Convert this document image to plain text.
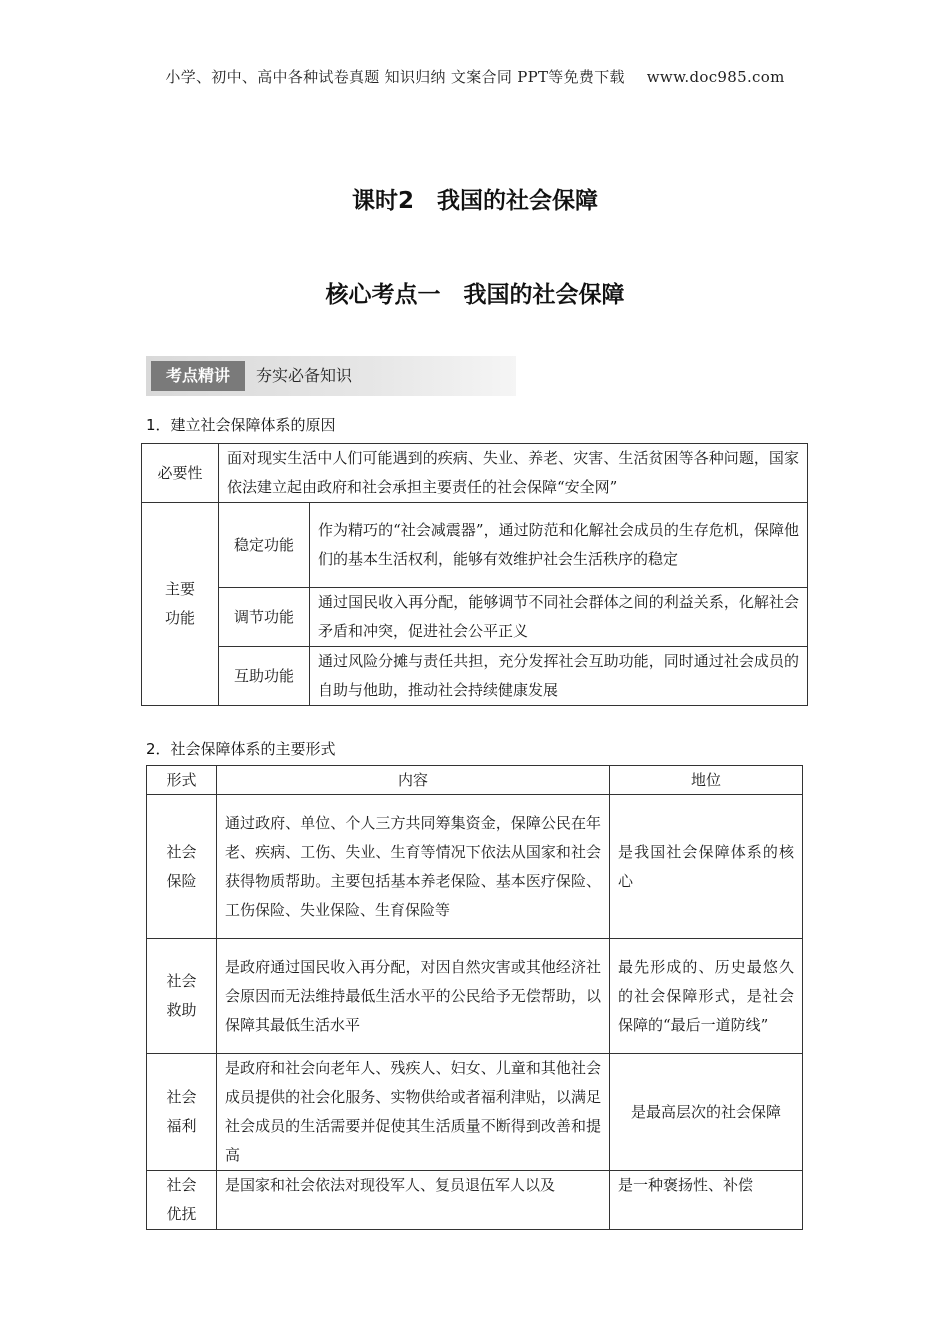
小学、初中、高中各种试卷真题 知识归纳 文案合同 PPT等免费下载 www.doc985.com
课时2　我国的社会保障
核心考点一　我国的社会保障
考点精讲	夯实必备知识
1．建立社会保障体系的原因
必要性	面对现实生活中人们可能遇到的疾病、失业、养老、灾害、生活贫困等各种问题，国家依法建立起由政府和社会承担主要责任的社会保障“安全网”	

主要
功能	稳定功能	作为精巧的“社会减震器”，通过防范和化解社会成员的生存危机，保障他们的基本生活权利，能够有效维护社会生活秩序的稳定
	调节功能	通过国民收入再分配，能够调节不同社会群体之间的利益关系，化解社会矛盾和冲突，促进社会公平正义
	互助功能	通过风险分摊与责任共担，充分发挥社会互助功能，同时通过社会成员的自助与他助，推动社会持续健康发展
2．社会保障体系的主要形式
形式	内容	地位

社会
保险	通过政府、单位、个人三方共同筹集资金，保障公民在年老、疾病、工伤、失业、生育等情况下依法从国家和社会获得物质帮助。主要包括基本养老保险、基本医疗保险、工伤保险、失业保险、生育保险等	是我国社会保障体系的核心

社会
救助	是政府通过国民收入再分配，对因自然灾害或其他经济社会原因而无法维持最低生活水平的公民给予无偿帮助，以保障其最低生活水平	最先形成的、历史最悠久的社会保障形式，是社会保障的“最后一道防线”

社会
福利	是政府和社会向老年人、残疾人、妇女、儿童和其他社会成员提供的社会化服务、实物供给或者福利津贴，以满足社会成员的生活需要并促使其生活质量不断得到改善和提高	是最高层次的社会保障

社会
优抚	是国家和社会依法对现役军人、复员退伍军人以及	是一种褒扬性、补偿
